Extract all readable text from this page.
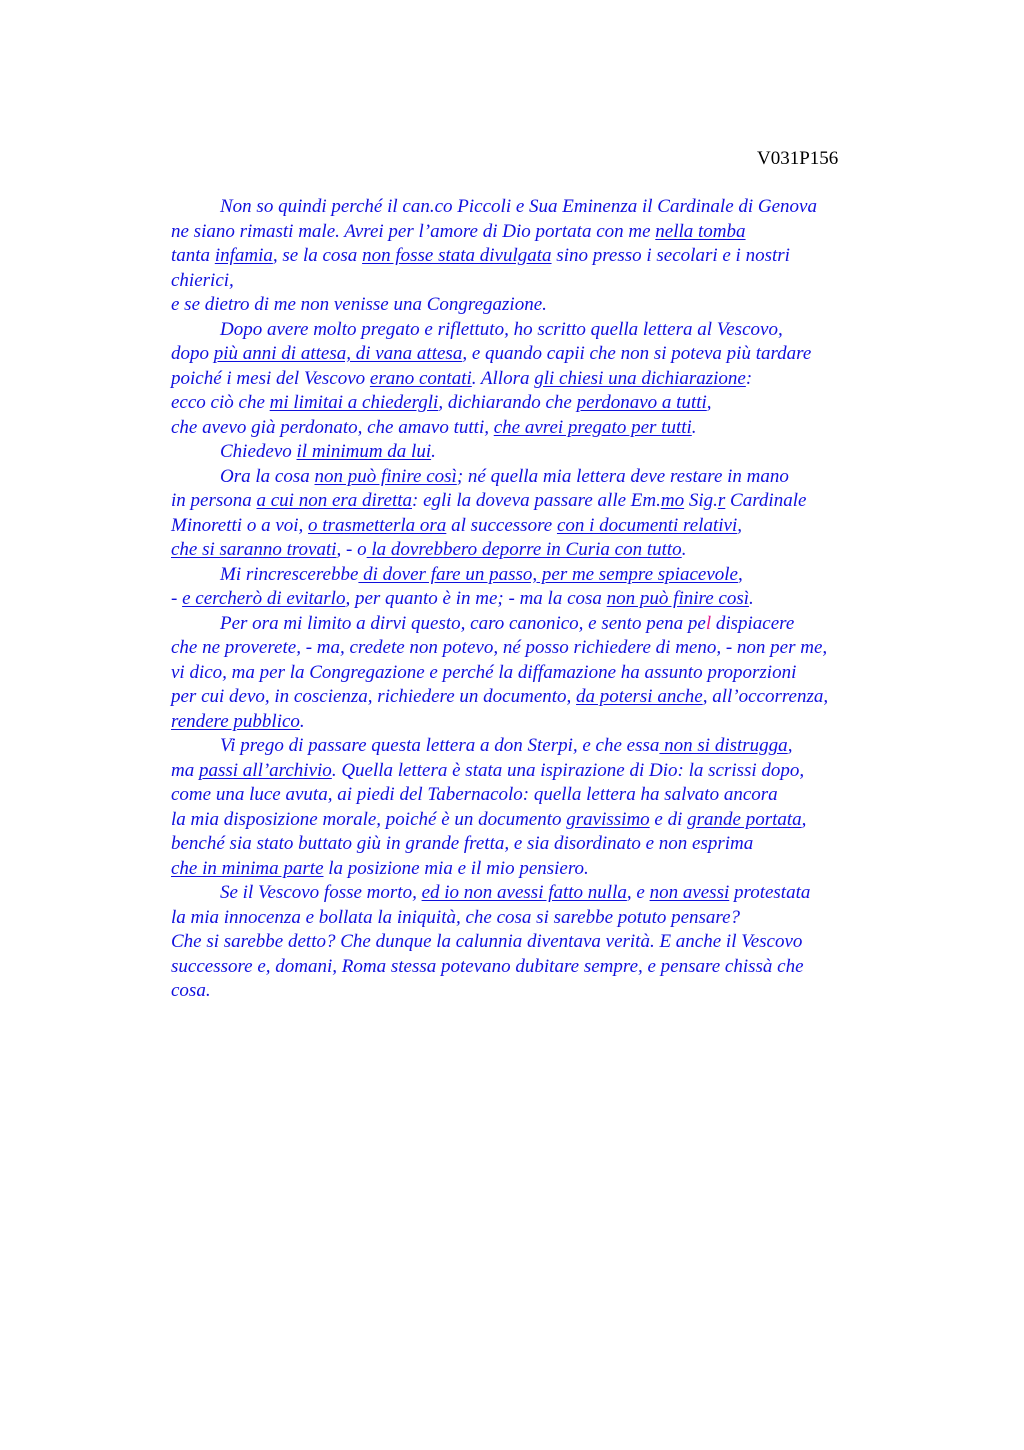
V031P156
Non so quindi perché il can.co Piccoli e Sua Eminenza il Cardinale di Genova
ne siano rimasti male. Avrei per l’amore di Dio portata con me nella tomba
tanta infamia, se la cosa non fosse stata divulgata sino presso i secolari e i nostri
chierici,
e se dietro di me non venisse una Congregazione.
Dopo avere molto pregato e riflettuto, ho scritto quella lettera al Vescovo,
dopo più anni di attesa, di vana attesa, e quando capii che non si poteva più tardare
poiché i mesi del Vescovo erano contati. Allora gli chiesi una dichiarazione:
ecco ciò che mi limitai a chiedergli, dichiarando che perdonavo a tutti,
che avevo già perdonato, che amavo tutti, che avrei pregato per tutti.
Chiedevo il minimum da lui.
Ora la cosa non può finire così; né quella mia lettera deve restare in mano
in persona a cui non era diretta: egli la doveva passare alle Em.mo Sig.r Cardinale
Minoretti o a voi, o trasmetterla ora al successore con i documenti relativi,
che si saranno trovati, - o la dovrebbero deporre in Curia con tutto.
Mi rincrescerebbe di dover fare un passo, per me sempre spiacevole,
- e cercherò di evitarlo, per quanto è in me; - ma la cosa non può finire così.
Per ora mi limito a dirvi questo, caro canonico, e sento pena pel dispiacere
che ne proverete, - ma, credete non potevo, né posso richiedere di meno, - non per me,
vi dico, ma per la Congregazione e perché la diffamazione ha assunto proporzioni
per cui devo, in coscienza, richiedere un documento, da potersi anche, all’occorrenza,
rendere pubblico.
Vi prego di passare questa lettera a don Sterpi, e che essa non si distrugga,
ma passi all’archivio. Quella lettera è stata una ispirazione di Dio: la scrissi dopo,
come una luce avuta, ai piedi del Tabernacolo: quella lettera ha salvato ancora
la mia disposizione morale, poiché è un documento gravissimo e di grande portata,
benché sia stato buttato giù in grande fretta, e sia disordinato e non esprima
che in minima parte la posizione mia e il mio pensiero.
Se il Vescovo fosse morto, ed io non avessi fatto nulla, e non avessi protestata
la mia innocenza e bollata la iniquità, che cosa si sarebbe potuto pensare?
Che si sarebbe detto? Che dunque la calunnia diventava verità. E anche il Vescovo
successore e, domani, Roma stessa potevano dubitare sempre, e pensare chissà che
cosa.
